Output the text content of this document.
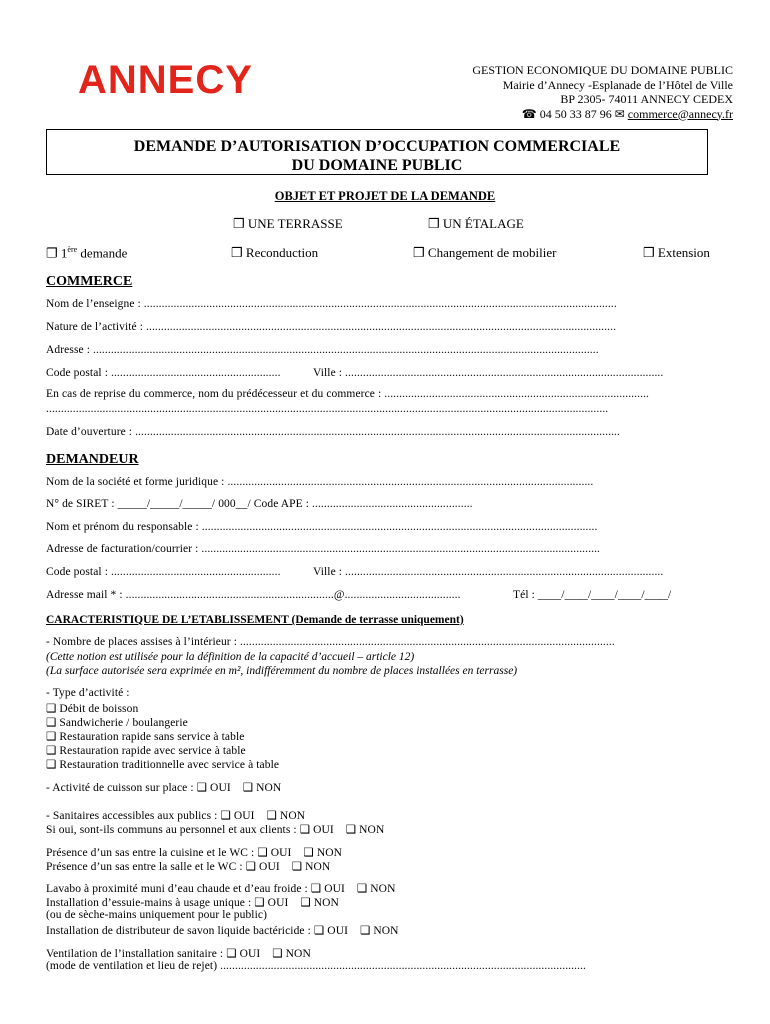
ANNECY	GESTION ECONOMIQUE DU DOMAINE PUBLIC
Mairie d’Annecy -Esplanade de l’Hôtel de Ville
BP 2305- 74011 ANNECY CEDEX
☎ 04 50 33 87 96 ✉ commerce@annecy.fr
DEMANDE D’AUTORISATION D’OCCUPATION COMMERCIALE
DU DOMAINE PUBLIC
OBJET ET PROJET DE LA DEMANDE
❒ UNE TERRASSE	❒ UN ÉTALAGE
❒ 1ère demande	❒ Reconduction	❒ Changement de mobilier	❒ Extension
COMMERCE
Nom de l’enseigne : ...............................................................................................................................................................
Nature de l’activité : ..............................................................................................................................................................
Adresse : ..........................................................................................................................................................................
Code postal : .........................................................	Ville : ...........................................................................................................
En cas de reprise du commerce, nom du prédécesseur et du commerce : .........................................................................................
.............................................................................................................................................................................................
Date d’ouverture : ...................................................................................................................................................................
DEMANDEUR
Nom de la société et forme juridique : ...........................................................................................................................
N° de SIRET : _____/_____/_____/ 000__/ Code APE : ......................................................
Nom et prénom du responsable : .....................................................................................................................................
Adresse de facturation/courrier : ......................................................................................................................................
Code postal : .........................................................	Ville : ...........................................................................................................
Adresse mail * : ......................................................................@.......................................	Tél : ____/____/____/____/____/
CARACTERISTIQUE DE L’ETABLISSEMENT (Demande de terrasse uniquement)
- Nombre de places assises à l’intérieur : ..............................................................................................................................
(Cette notion est utilisée pour la définition de la capacité d’accueil – article 12)
(La surface autorisée sera exprimée en m², indifféremment du nombre de places installées en terrasse)
- Type d’activité :
❑ Débit de boisson
❑ Sandwicherie / boulangerie
❑ Restauration rapide sans service à table
❑ Restauration rapide avec service à table
❑ Restauration traditionnelle avec service à table
- Activité de cuisson sur place : ❑ OUI ❑ NON
- Sanitaires accessibles aux publics : ❑ OUI ❑ NON
Si oui, sont-ils communs au personnel et aux clients : ❑ OUI ❑ NON
Présence d’un sas entre la cuisine et le WC : ❑ OUI ❑ NON
Présence d’un sas entre la salle et le WC : ❑ OUI ❑ NON
Lavabo à proximité muni d’eau chaude et d’eau froide : ❑ OUI ❑ NON
Installation d’essuie-mains à usage unique : ❑ OUI ❑ NON
(ou de sèche-mains uniquement pour le public)
Installation de distributeur de savon liquide bactéricide : ❑ OUI ❑ NON
Ventilation de l’installation sanitaire : ❑ OUI ❑ NON
(mode de ventilation et lieu de rejet) ...........................................................................................................................
